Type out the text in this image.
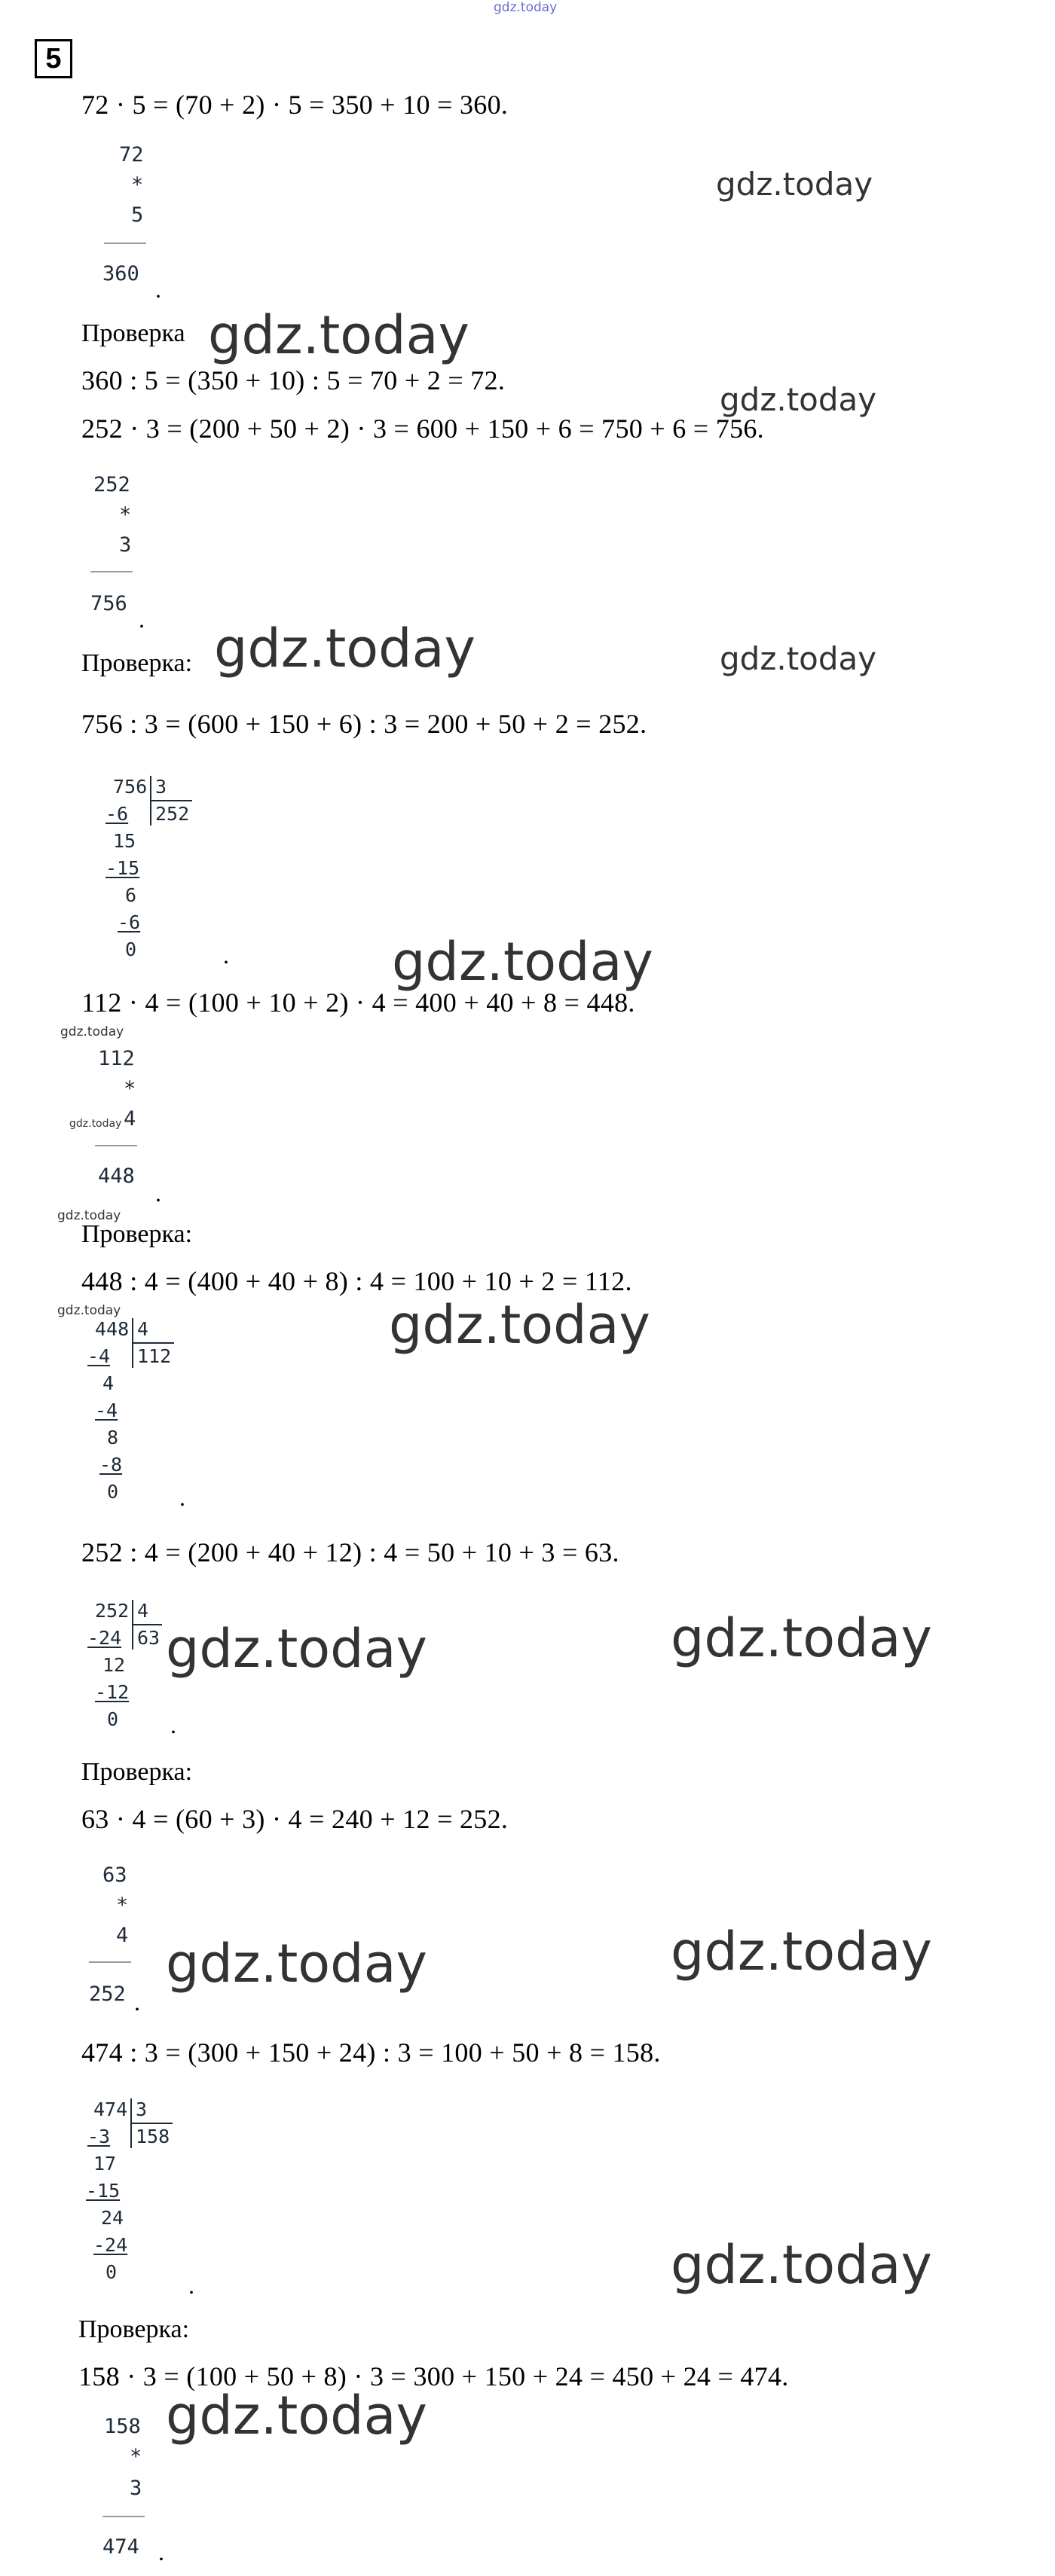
gdz.today
5
72 · 5 = (70 + 2) · 5 = 350 + 10 = 360.
72
*
5
360
.
gdz.today
Проверка gdz.today
360 : 5 = (350 + 10) : 5 = 70 + 2 = 72.
gdz.today
252 · 3 = (200 + 50 + 2) · 3 = 600 + 150 + 6 = 750 + 6 = 756.
252
*
3
756
.
Проверка: gdz.today	gdz.today
756 : 3 = (600 + 150 + 6) : 3 = 200 + 50 + 2 = 252.
756 3
252
-6
15
-15
6
-6
0	.	gdz.today
112 · 4 = (100 + 10 + 2) · 4 = 400 + 40 + 8 = 448.
gdz.today
112
*
gdz.today 4
448
.
gdz.today
Проверка:
448 : 4 = (400 + 40 + 8) : 4 = 100 + 10 + 2 = 112.
gdz.today
gdz.today
448 4
112
-4
4
-4
8
-8
0	.
252 : 4 = (200 + 40 + 12) : 4 = 50 + 10 + 3 = 63.
252 4
63
-24
12
-12
0 .
gdz.today	gdz.today
Проверка:
63 · 4 = (60 + 3) · 4 = 240 + 12 = 252.
63
*
4
252 .
gdz.today	gdz.today
474 : 3 = (300 + 150 + 24) : 3 = 100 + 50 + 8 = 158.
474 3
158
-3
17
-15
24
-24
0	.	gdz.today
Проверка:
158 · 3 = (100 + 50 + 8) · 3 = 300 + 150 + 24 = 450 + 24 = 474.
158
*
3
474 .
gdz.today
